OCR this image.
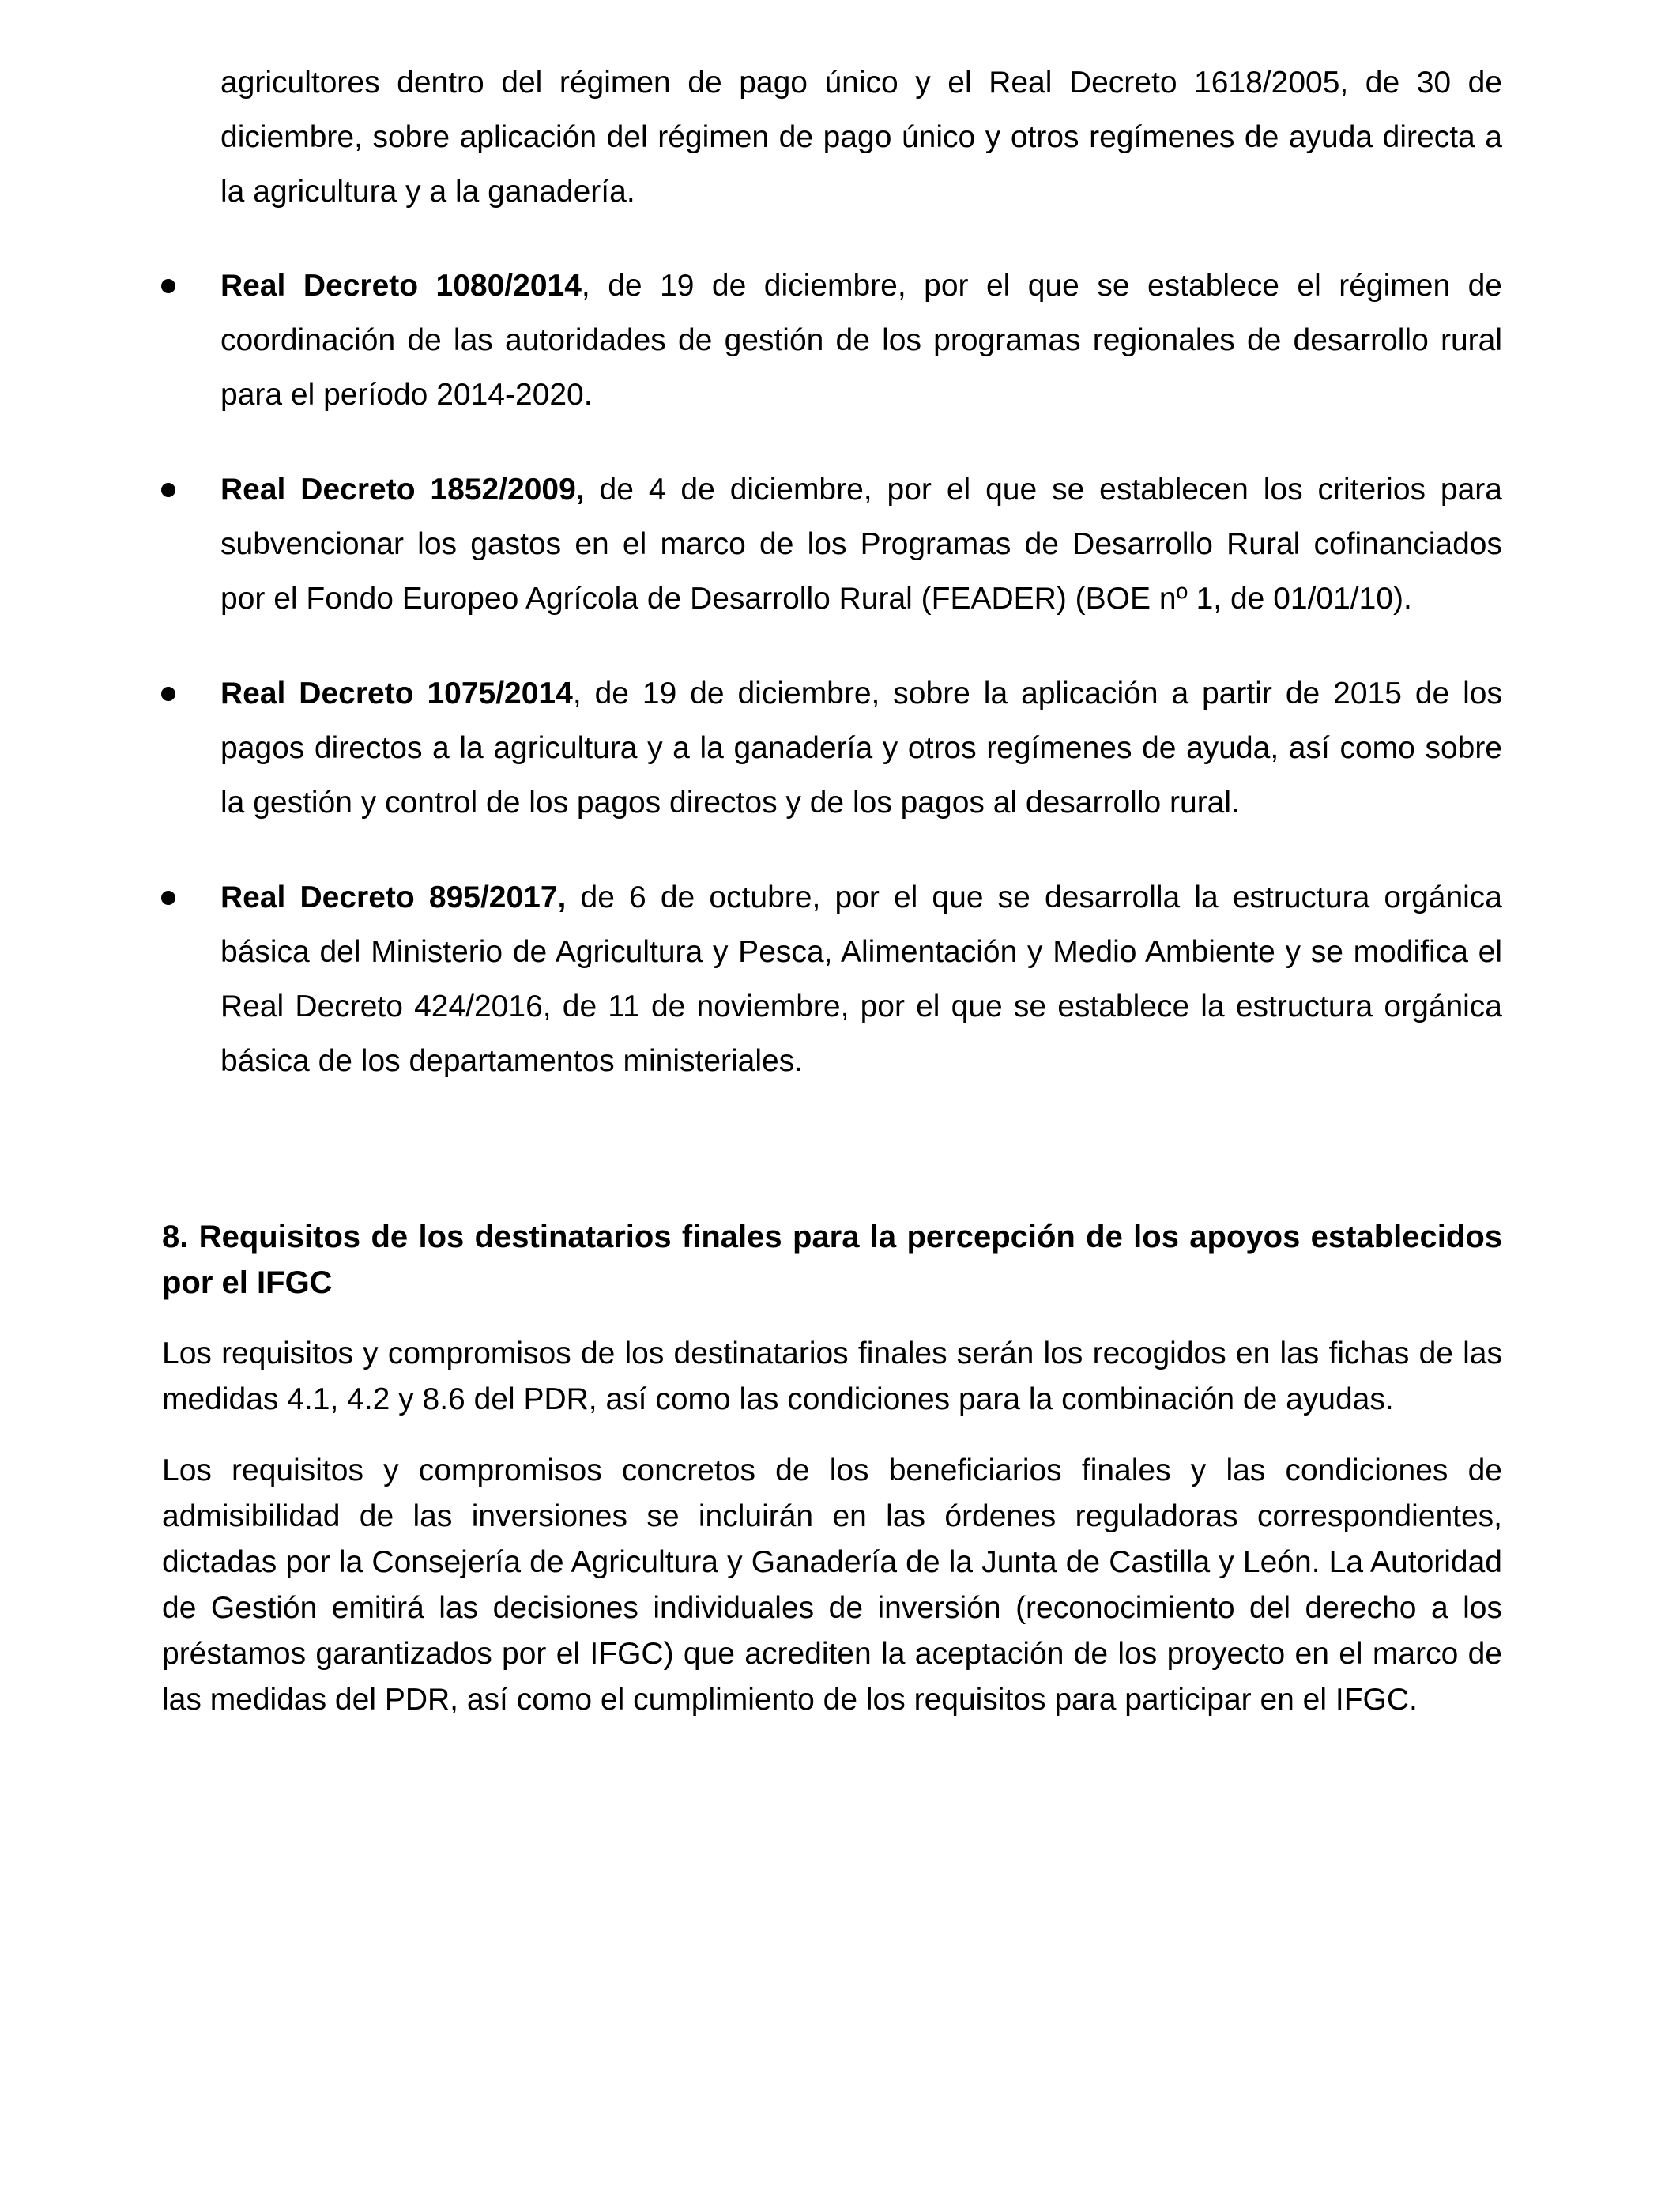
agricultores dentro del régimen de pago único y el Real Decreto 1618/2005, de 30 de
diciembre, sobre aplicación del régimen de pago único y otros regímenes de ayuda directa a
la agricultura y a la ganadería.
Real Decreto 1080/2014, de 19 de diciembre, por el que se establece el régimen de
coordinación de las autoridades de gestión de los programas regionales de desarrollo rural
para el período 2014-2020.
Real Decreto 1852/2009, de 4 de diciembre, por el que se establecen los criterios para
subvencionar los gastos en el marco de los Programas de Desarrollo Rural cofinanciados
por el Fondo Europeo Agrícola de Desarrollo Rural (FEADER) (BOE nº 1, de 01/01/10).
Real Decreto 1075/2014, de 19 de diciembre, sobre la aplicación a partir de 2015 de los
pagos directos a la agricultura y a la ganadería y otros regímenes de ayuda, así como sobre
la gestión y control de los pagos directos y de los pagos al desarrollo rural.
Real Decreto 895/2017, de 6 de octubre, por el que se desarrolla la estructura orgánica
básica del Ministerio de Agricultura y Pesca, Alimentación y Medio Ambiente y se modifica el
Real Decreto 424/2016, de 11 de noviembre, por el que se establece la estructura orgánica
básica de los departamentos ministeriales.
8. Requisitos de los destinatarios finales para la percepción de los apoyos establecidos
por el IFGC
Los requisitos y compromisos de los destinatarios finales serán los recogidos en las fichas de las
medidas 4.1, 4.2 y 8.6 del PDR, así como las condiciones para la combinación de ayudas.
Los requisitos y compromisos concretos de los beneficiarios finales y las condiciones de
admisibilidad de las inversiones se incluirán en las órdenes reguladoras correspondientes,
dictadas por la Consejería de Agricultura y Ganadería de la Junta de Castilla y León. La Autoridad
de Gestión emitirá las decisiones individuales de inversión (reconocimiento del derecho a los
préstamos garantizados por el IFGC) que acrediten la aceptación de los proyecto en el marco de
las medidas del PDR, así como el cumplimiento de los requisitos para participar en el IFGC.
